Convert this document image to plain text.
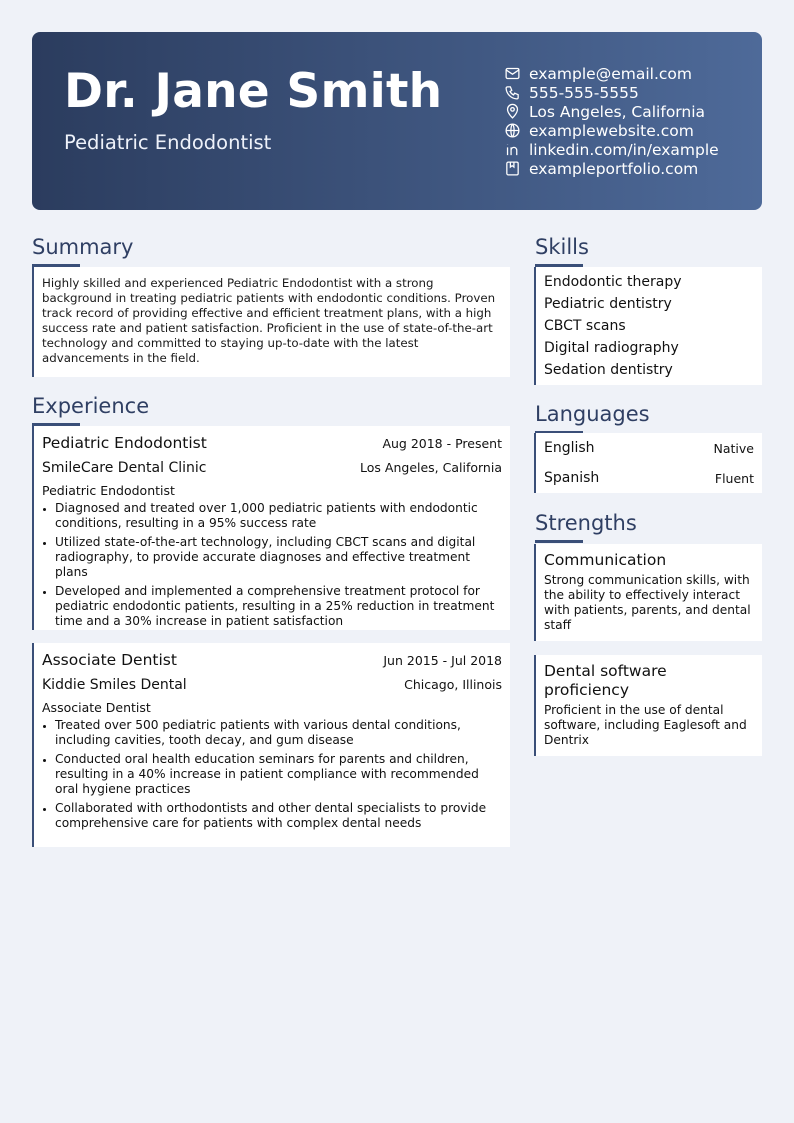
Dr. Jane Smith
Pediatric Endodontist
example@email.com
555-555-5555
Los Angeles, California
examplewebsite.com
linkedin.com/in/example
exampleportfolio.com
Summary
Highly skilled and experienced Pediatric Endodontist with a strong background in treating pediatric patients with endodontic conditions. Proven track record of providing effective and efficient treatment plans, with a high success rate and patient satisfaction. Proficient in the use of state-of-the-art technology and committed to staying up-to-date with the latest advancements in the field.
Experience
Pediatric Endodontist	Aug 2018 - Present
SmileCare Dental Clinic	Los Angeles, California
Pediatric Endodontist
Diagnosed and treated over 1,000 pediatric patients with endodontic conditions, resulting in a 95% success rate
Utilized state-of-the-art technology, including CBCT scans and digital radiography, to provide accurate diagnoses and effective treatment plans
Developed and implemented a comprehensive treatment protocol for pediatric endodontic patients, resulting in a 25% reduction in treatment time and a 30% increase in patient satisfaction
Associate Dentist	Jun 2015 - Jul 2018
Kiddie Smiles Dental	Chicago, Illinois
Associate Dentist
Treated over 500 pediatric patients with various dental conditions, including cavities, tooth decay, and gum disease
Conducted oral health education seminars for parents and children, resulting in a 40% increase in patient compliance with recommended oral hygiene practices
Collaborated with orthodontists and other dental specialists to provide comprehensive care for patients with complex dental needs
Skills
Endodontic therapy
Pediatric dentistry
CBCT scans
Digital radiography
Sedation dentistry
Languages
English	Native
Spanish	Fluent
Strengths
Communication
Strong communication skills, with the ability to effectively interact with patients, parents, and dental staff
Dental software proficiency
Proficient in the use of dental software, including Eaglesoft and Dentrix
